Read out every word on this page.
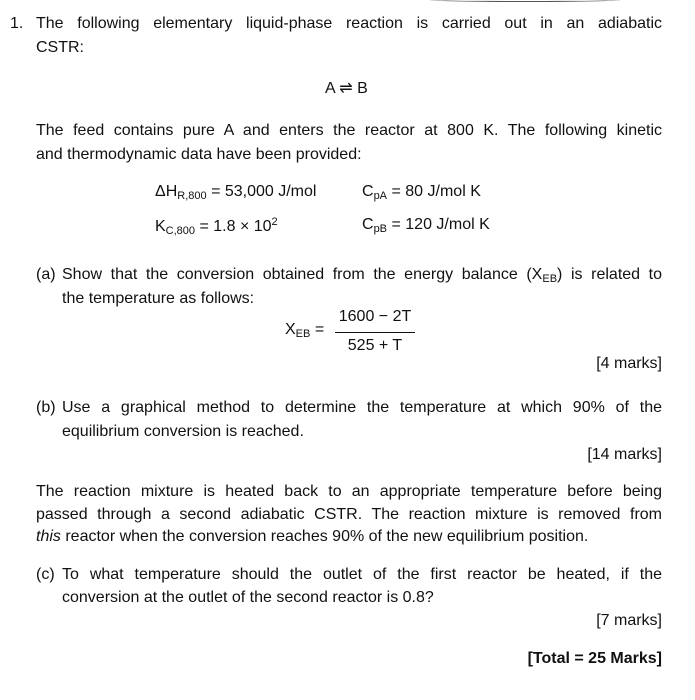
1. The following elementary liquid-phase reaction is carried out in an adiabatic
CSTR:
A ⇌ B
The feed contains pure A and enters the reactor at 800 K. The following kinetic
and thermodynamic data have been provided:
$\Delta H_{R,800} = 53,000$ J/mol	$C_{pA} = 80$ J/mol K
$K_{C,800} = 1.8 \times 10^2$	$C_{pB} = 120$ J/mol K
(a) Show that the conversion obtained from the energy balance $(X_{EB})$ is related to
the temperature as follows:
$X_{EB}$ =
1600 − 2T
525 + T
[4 marks]
(b) Use a graphical method to determine the temperature at which 90% of the
equilibrium conversion is reached.
[14 marks]
The reaction mixture is heated back to an appropriate temperature before being
passed through a second adiabatic CSTR. The reaction mixture is removed from
this reactor when the conversion reaches 90% of the new equilibrium position.
(c) To what temperature should the outlet of the first reactor be heated, if the
conversion at the outlet of the second reactor is 0.8?
[7 marks]
[Total = 25 Marks]
